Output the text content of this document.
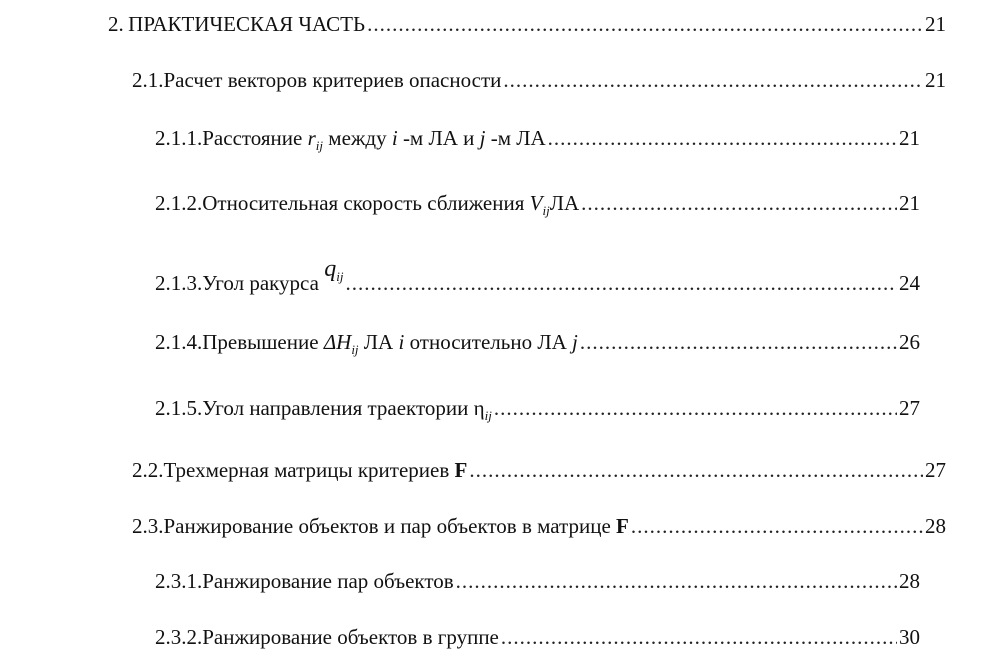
2. ПРАКТИЧЕСКАЯ ЧАСТЬ .....	21
2.1. Расчет векторов критериев опасности .....	21
2.1.1. Расстояние $r_{ij}$ между i -м ЛА и j -м ЛА .....	21
2.1.2. Относительная скорость сближения $V_{ij}ЛА$ .....	21
2.1.3. Угол ракурса $q_{ij}$ .....	24
2.1.4. Превышение $\Delta H_{ij}$ ЛА i относительно ЛА j .....	26
2.1.5. Угол направления траектории $\eta_{ij}$ .....	27
2.2. Трехмерная матрицы критериев F .....	27
2.3. Ранжирование объектов и пар объектов в матрице F .....	28
2.3.1. Ранжирование пар объектов .....	28
2.3.2. Ранжирование объектов в группе .....	30
